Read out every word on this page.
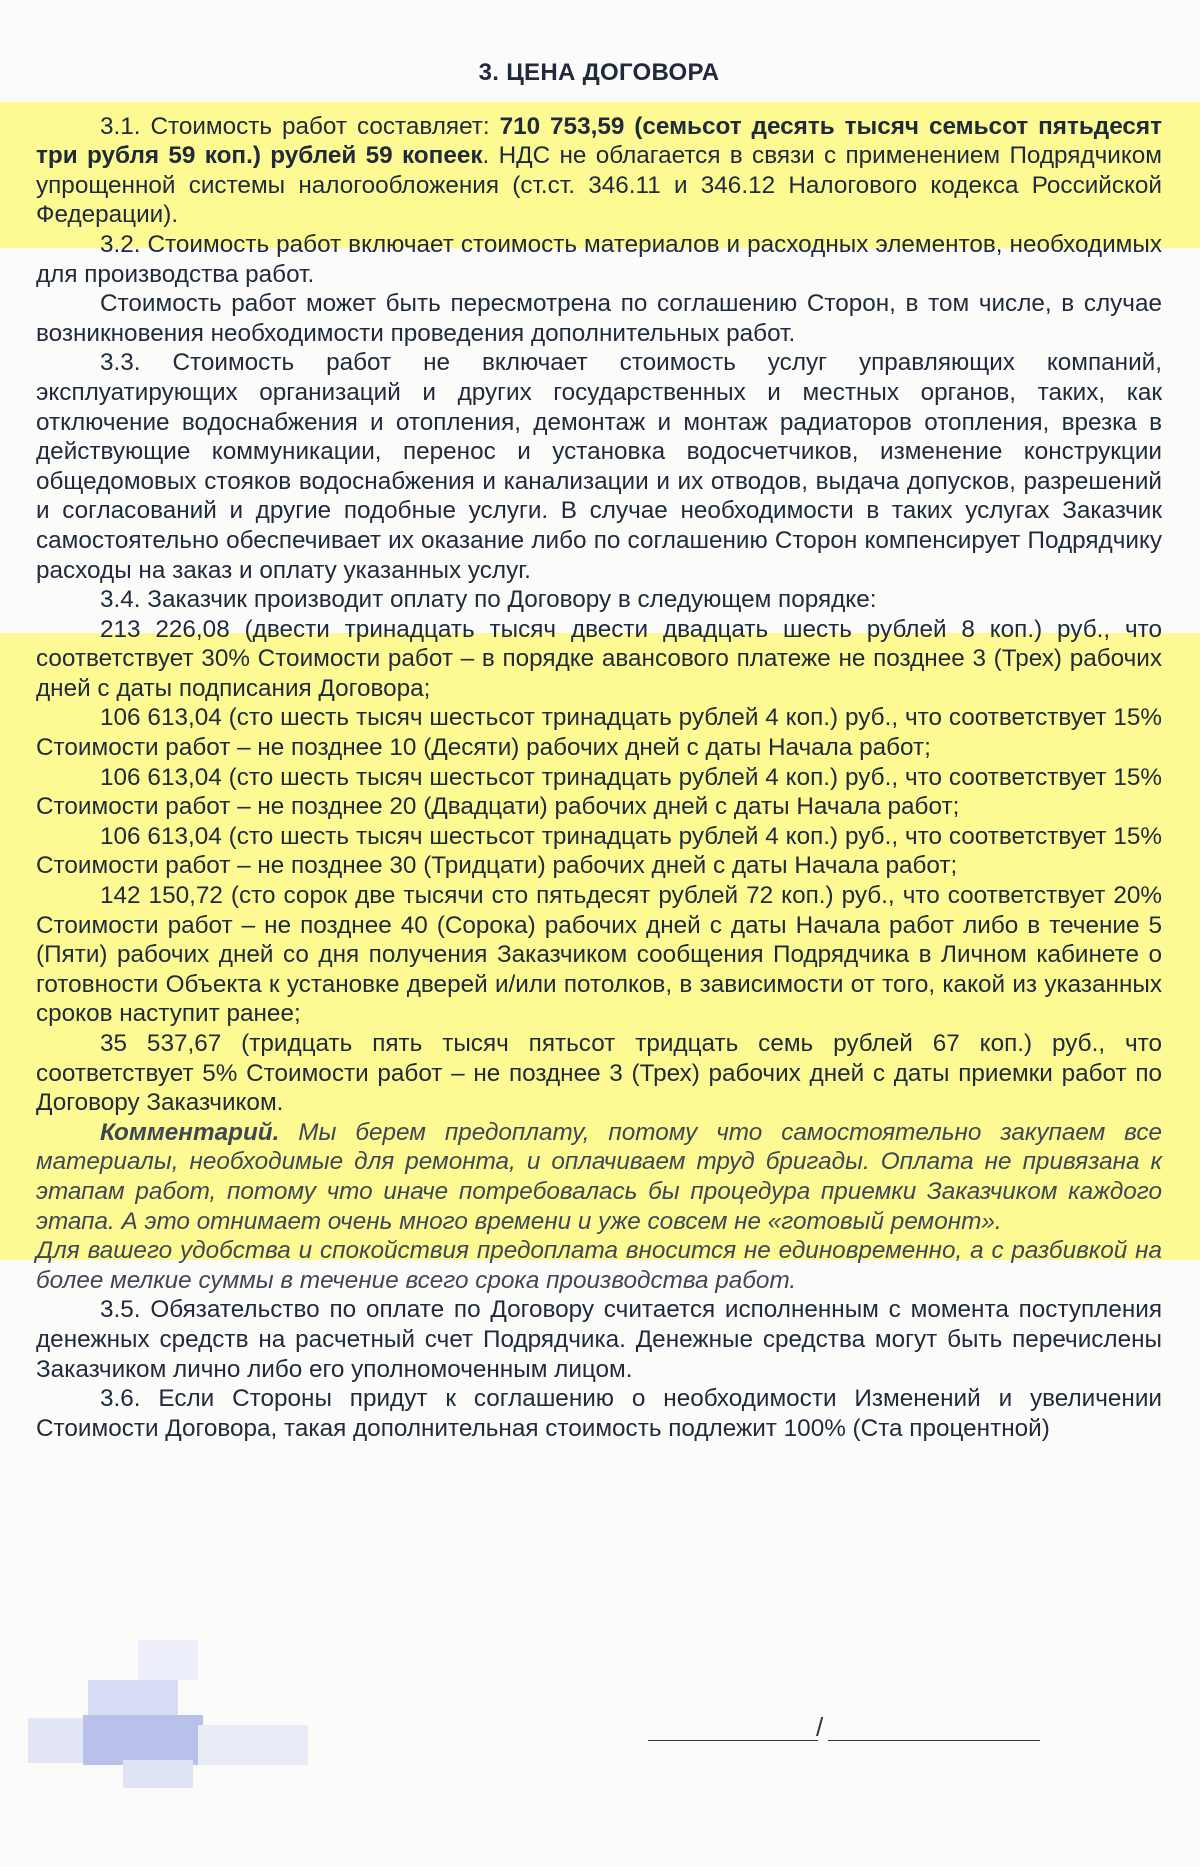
3. ЦЕНА ДОГОВОРА

3.1. Стоимость работ составляет: 710 753,59 (семьсот десять тысяч семьсот пятьдесят три рубля 59 коп.) рублей 59 копеек. НДС не облагается в связи с применением Подрядчиком упрощенной системы налогообложения (ст.ст. 346.11 и 346.12 Налогового кодекса Российской Федерации).

3.2. Стоимость работ включает стоимость материалов и расходных элементов, необходимых для производства работ.

Стоимость работ может быть пересмотрена по соглашению Сторон, в том числе, в случае возникновения необходимости проведения дополнительных работ.

3.3. Стоимость работ не включает стоимость услуг управляющих компаний, эксплуатирующих организаций и других государственных и местных органов, таких, как отключение водоснабжения и отопления, демонтаж и монтаж радиаторов отопления, врезка в действующие коммуникации, перенос и установка водосчетчиков, изменение конструкции общедомовых стояков водоснабжения и канализации и их отводов, выдача допусков, разрешений и согласований и другие подобные услуги. В случае необходимости в таких услугах Заказчик самостоятельно обеспечивает их оказание либо по соглашению Сторон компенсирует Подрядчику расходы на заказ и оплату указанных услуг.

3.4. Заказчик производит оплату по Договору в следующем порядке:

213 226,08 (двести тринадцать тысяч двести двадцать шесть рублей 8 коп.) руб., что соответствует 30% Стоимости работ – в порядке авансового платеже не позднее 3 (Трех) рабочих дней с даты подписания Договора;

106 613,04 (сто шесть тысяч шестьсот тринадцать рублей 4 коп.) руб., что соответствует 15% Стоимости работ – не позднее 10 (Десяти) рабочих дней с даты Начала работ;

106 613,04 (сто шесть тысяч шестьсот тринадцать рублей 4 коп.) руб., что соответствует 15% Стоимости работ – не позднее 20 (Двадцати) рабочих дней с даты Начала работ;

106 613,04 (сто шесть тысяч шестьсот тринадцать рублей 4 коп.) руб., что соответствует 15% Стоимости работ – не позднее 30 (Тридцати) рабочих дней с даты Начала работ;

142 150,72 (сто сорок две тысячи сто пятьдесят рублей 72 коп.) руб., что соответствует 20% Стоимости работ – не позднее 40 (Сорока) рабочих дней с даты Начала работ либо в течение 5 (Пяти) рабочих дней со дня получения Заказчиком сообщения Подрядчика в Личном кабинете о готовности Объекта к установке дверей и/или потолков, в зависимости от того, какой из указанных сроков наступит ранее;

35 537,67 (тридцать пять тысяч пятьсот тридцать семь рублей 67 коп.) руб., что соответствует 5% Стоимости работ – не позднее 3 (Трех) рабочих дней с даты приемки работ по Договору Заказчиком.

Комментарий. Мы берем предоплату, потому что самостоятельно закупаем все материалы, необходимые для ремонта, и оплачиваем труд бригады. Оплата не привязана к этапам работ, потому что иначе потребовалась бы процедура приемки Заказчиком каждого этапа. А это отнимает очень много времени и уже совсем не «готовый ремонт».

Для вашего удобства и спокойствия предоплата вносится не единовременно, а с разбивкой на более мелкие суммы в течение всего срока производства работ.

3.5. Обязательство по оплате по Договору считается исполненным с момента поступления денежных средств на расчетный счет Подрядчика. Денежные средства могут быть перечислены Заказчиком лично либо его уполномоченным лицом.

3.6. Если Стороны придут к соглашению о необходимости Изменений и увеличении Стоимости Договора, такая дополнительная стоимость подлежит 100% (Ста процентной)

/
